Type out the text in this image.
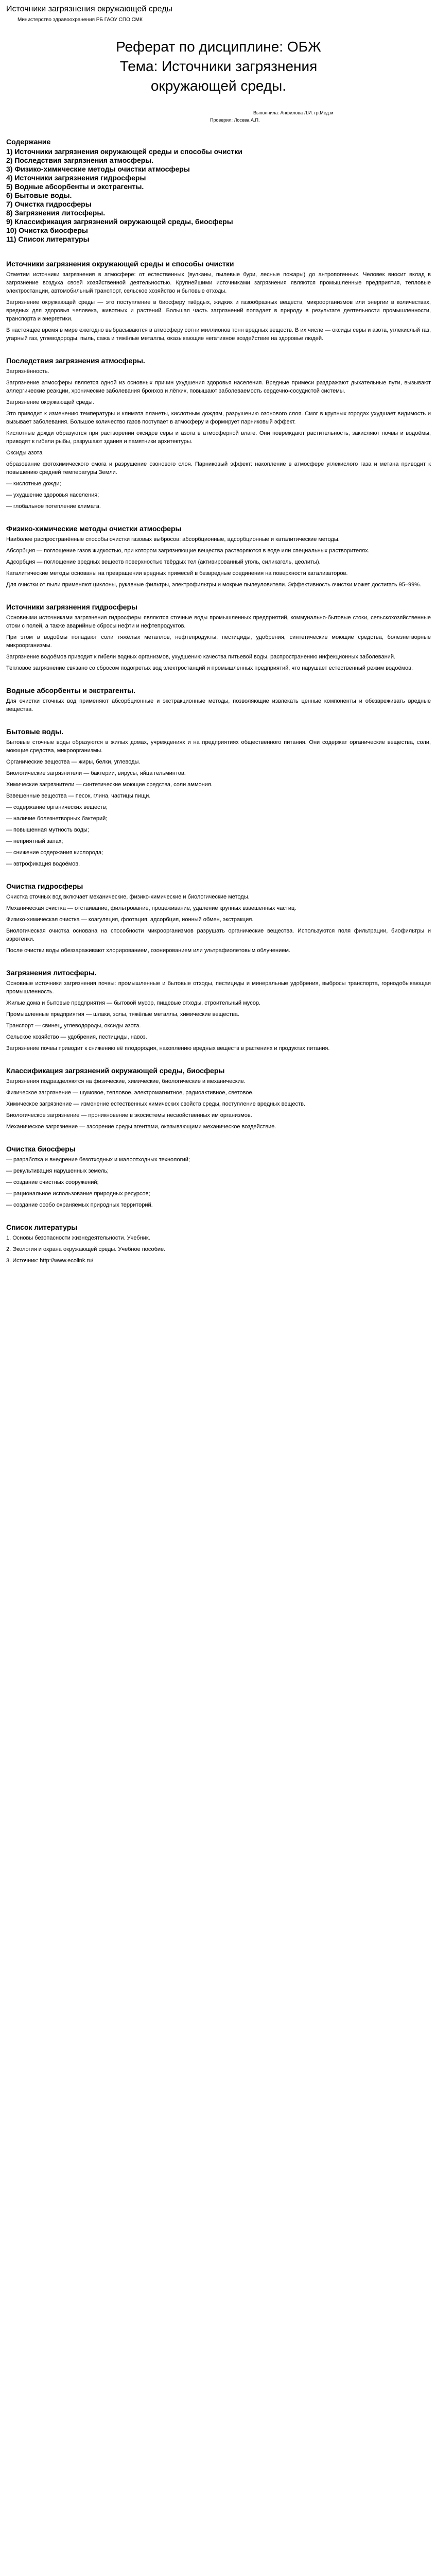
Источники загрязнения окружающей среды
Министерство здравоохранения РБ ГАОУ СПО СМК
Реферат по дисциплине: ОБЖ
Тема: Источники загрязнения
окружающей среды.
Выполнила: Анфилова Л.И. гр.Мед.м
Проверил: Лосева А.П.
Содержание
1) Источники загрязнения окружающей среды и способы очистки
2) Последствия загрязнения атмосферы.
3) Физико-химические методы очистки атмосферы
4) Источники загрязнения гидросферы
5) Водные абсорбенты и экстрагенты.
6) Бытовые воды.
7) Очистка гидросферы
8) Загрязнения литосферы.
9) Классификация загрязнений окружающей среды, биосферы
10) Очистка биосферы
11) Список литературы
Источники загрязнения окружающей среды и способы очистки
Отметим источники загрязнения в атмосфере: от естественных (вулканы, пылевые бури, лесные пожары) до антропогенных. Человек вносит вклад в загрязнение воздуха своей хозяйственной деятельностью. Крупнейшими источниками загрязнения являются промышленные предприятия, тепловые электростанции, автомобильный транспорт, сельское хозяйство и бытовые отходы.
Загрязнение окружающей среды — это поступление в биосферу твёрдых, жидких и газообразных веществ, микроорганизмов или энергии в количествах, вредных для здоровья человека, животных и растений. Большая часть загрязнений попадает в природу в результате деятельности промышленности, транспорта и энергетики.
В настоящее время в мире ежегодно выбрасываются в атмосферу сотни миллионов тонн вредных веществ. В их числе — оксиды серы и азота, углекислый газ, угарный газ, углеводороды, пыль, сажа и тяжёлые металлы, оказывающие негативное воздействие на здоровье людей.
Последствия загрязнения атмосферы.
Загрязнённость.
Загрязнение атмосферы является одной из основных причин ухудшения здоровья населения. Вредные примеси раздражают дыхательные пути, вызывают аллергические реакции, хронические заболевания бронхов и лёгких, повышают заболеваемость сердечно-сосудистой системы.
Загрязнение окружающей среды.
Это приводит к изменению температуры и климата планеты, кислотным дождям, разрушению озонового слоя. Смог в крупных городах ухудшает видимость и вызывает заболевания. Большое количество газов поступает в атмосферу и формирует парниковый эффект.
Кислотные дожди образуются при растворении оксидов серы и азота в атмосферной влаге. Они повреждают растительность, закисляют почвы и водоёмы, приводят к гибели рыбы, разрушают здания и памятники архитектуры.
Оксиды азота
образование фотохимического смога и разрушение озонового слоя. Парниковый эффект: накопление в атмосфере углекислого газа и метана приводит к повышению средней температуры Земли.
— кислотные дожди;
— ухудшение здоровья населения;
— глобальное потепление климата.
Физико-химические методы очистки атмосферы
Наиболее распространённые способы очистки газовых выбросов: абсорбционные, адсорбционные и каталитические методы.
Абсорбция — поглощение газов жидкостью, при котором загрязняющие вещества растворяются в воде или специальных растворителях.
Адсорбция — поглощение вредных веществ поверхностью твёрдых тел (активированный уголь, силикагель, цеолиты).
Каталитические методы основаны на превращении вредных примесей в безвредные соединения на поверхности катализаторов.
Для очистки от пыли применяют циклоны, рукавные фильтры, электрофильтры и мокрые пылеуловители. Эффективность очистки может достигать 95–99%.
Источники загрязнения гидросферы
Основными источниками загрязнения гидросферы являются сточные воды промышленных предприятий, коммунально-бытовые стоки, сельскохозяйственные стоки с полей, а также аварийные сбросы нефти и нефтепродуктов.
При этом в водоёмы попадают соли тяжёлых металлов, нефтепродукты, пестициды, удобрения, синтетические моющие средства, болезнетворные микроорганизмы.
Загрязнение водоёмов приводит к гибели водных организмов, ухудшению качества питьевой воды, распространению инфекционных заболеваний.
Тепловое загрязнение связано со сбросом подогретых вод электростанций и промышленных предприятий, что нарушает естественный режим водоёмов.
Водные абсорбенты и экстрагенты.
Для очистки сточных вод применяют абсорбционные и экстракционные методы, позволяющие извлекать ценные компоненты и обезвреживать вредные вещества.
Бытовые воды.
Бытовые сточные воды образуются в жилых домах, учреждениях и на предприятиях общественного питания. Они содержат органические вещества, соли, моющие средства, микроорганизмы.
Органические вещества — жиры, белки, углеводы.
Биологические загрязнители — бактерии, вирусы, яйца гельминтов.
Химические загрязнители — синтетические моющие средства, соли аммония.
Взвешенные вещества — песок, глина, частицы пищи.
— содержание органических веществ;
— наличие болезнетворных бактерий;
— повышенная мутность воды;
— неприятный запах;
— снижение содержания кислорода;
— эвтрофикация водоёмов.
Очистка гидросферы
Очистка сточных вод включает механические, физико-химические и биологические методы.
Механическая очистка — отстаивание, фильтрование, процеживание, удаление крупных взвешенных частиц.
Физико-химическая очистка — коагуляция, флотация, адсорбция, ионный обмен, экстракция.
Биологическая очистка основана на способности микроорганизмов разрушать органические вещества. Используются поля фильтрации, биофильтры и аэротенки.
После очистки воды обеззараживают хлорированием, озонированием или ультрафиолетовым облучением.
Загрязнения литосферы.
Основные источники загрязнения почвы: промышленные и бытовые отходы, пестициды и минеральные удобрения, выбросы транспорта, горнодобывающая промышленность.
Жилые дома и бытовые предприятия — бытовой мусор, пищевые отходы, строительный мусор.
Промышленные предприятия — шлаки, золы, тяжёлые металлы, химические вещества.
Транспорт — свинец, углеводороды, оксиды азота.
Сельское хозяйство — удобрения, пестициды, навоз.
Загрязнение почвы приводит к снижению её плодородия, накоплению вредных веществ в растениях и продуктах питания.
Классификация загрязнений окружающей среды, биосферы
Загрязнения подразделяются на физические, химические, биологические и механические.
Физическое загрязнение — шумовое, тепловое, электромагнитное, радиоактивное, световое.
Химическое загрязнение — изменение естественных химических свойств среды, поступление вредных веществ.
Биологическое загрязнение — проникновение в экосистемы несвойственных им организмов.
Механическое загрязнение — засорение среды агентами, оказывающими механическое воздействие.
Очистка биосферы
— разработка и внедрение безотходных и малоотходных технологий;
— рекультивация нарушенных земель;
— создание очистных сооружений;
— рациональное использование природных ресурсов;
— создание особо охраняемых природных территорий.
Список литературы
1. Основы безопасности жизнедеятельности. Учебник.
2. Экология и охрана окружающей среды. Учебное пособие.
3. Источник: http://www.ecolink.ru/
